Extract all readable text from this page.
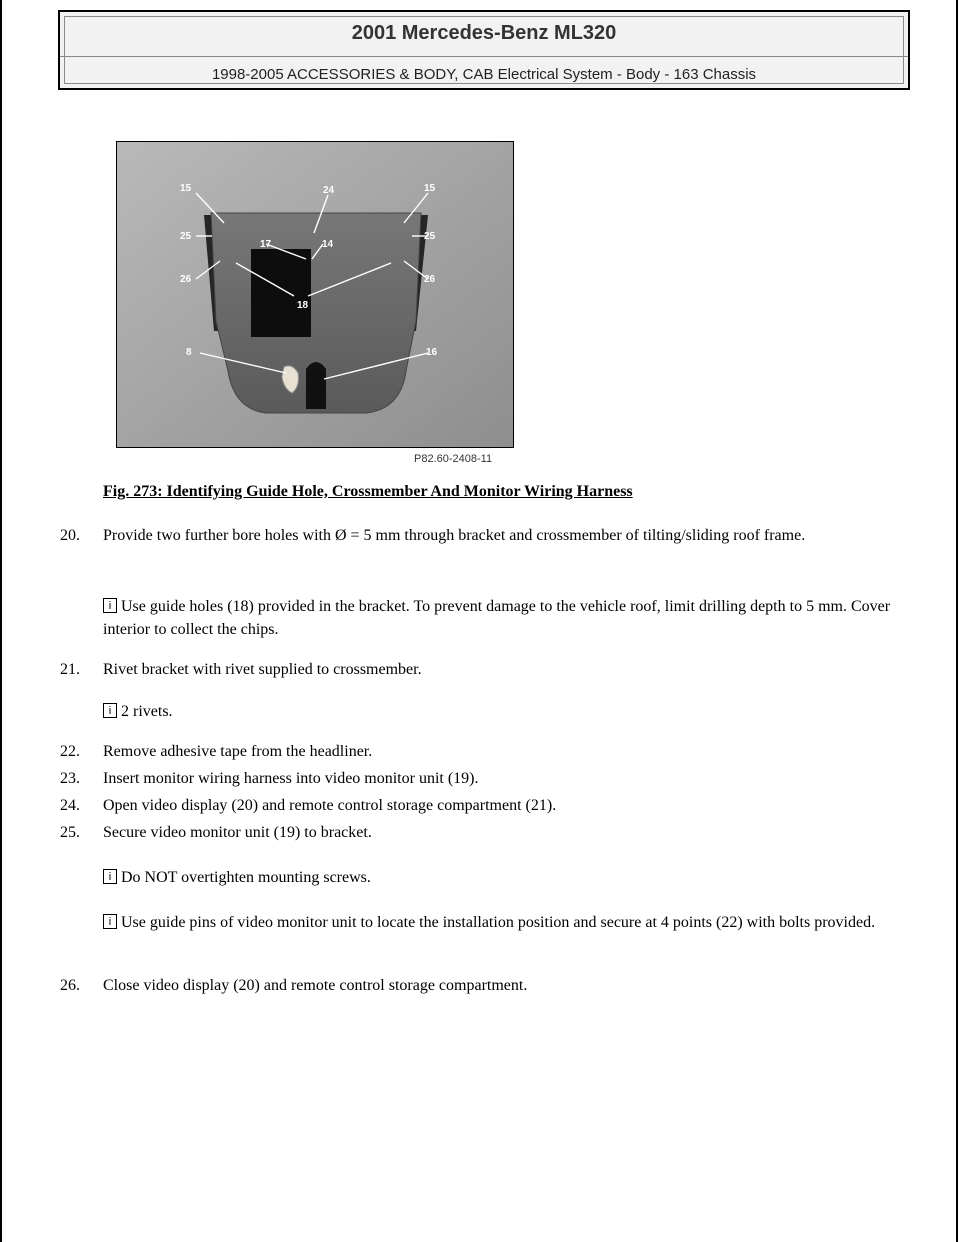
2001 Mercedes-Benz ML320
1998-2005 ACCESSORIES & BODY, CAB Electrical System - Body - 163 Chassis
15	24	15
25
17	14
25
26
18
26
8	16
P82.60-2408-11
Fig. 273: Identifying Guide Hole, Crossmember And Monitor Wiring Harness
20. Provide two further bore holes with Ø = 5 mm through bracket and crossmember of tilting/sliding roof frame.
i Use guide holes (18) provided in the bracket. To prevent damage to the vehicle roof, limit drilling depth to 5 mm. Cover interior to collect the chips.
21. Rivet bracket with rivet supplied to crossmember.
i 2 rivets.
22. Remove adhesive tape from the headliner.
23. Insert monitor wiring harness into video monitor unit (19).
24. Open video display (20) and remote control storage compartment (21).
25. Secure video monitor unit (19) to bracket.
i Do NOT overtighten mounting screws.
i Use guide pins of video monitor unit to locate the installation position and secure at 4 points (22) with bolts provided.
26. Close video display (20) and remote control storage compartment.
